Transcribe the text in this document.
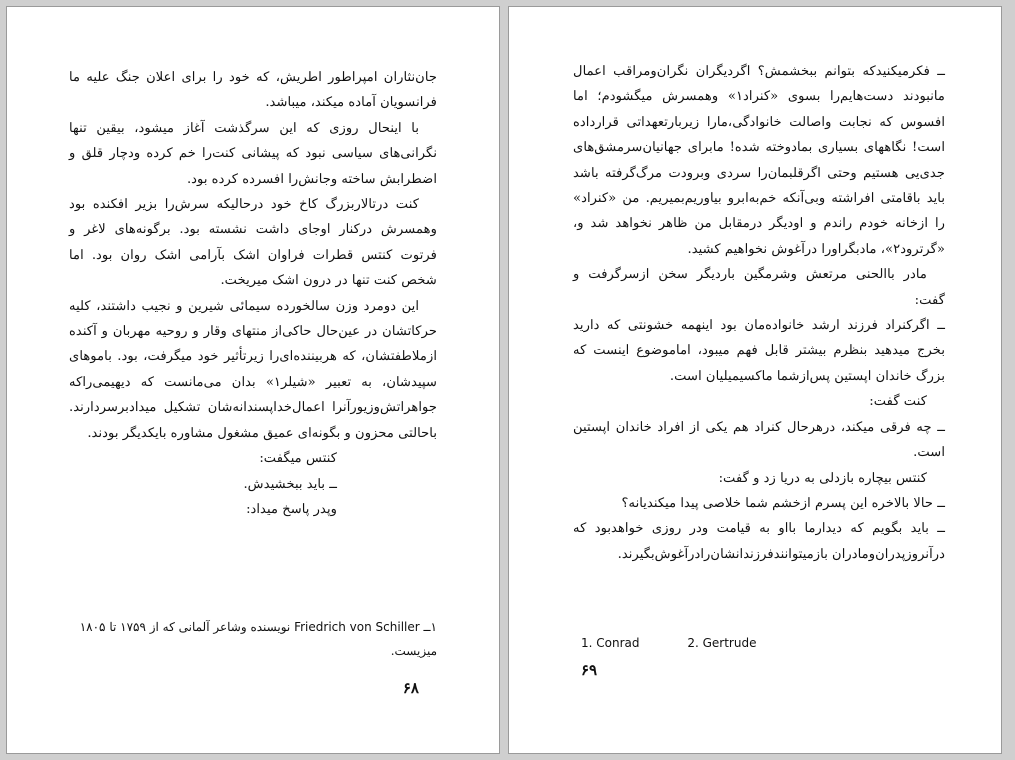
جان‌نثاران امپراطور اطریش، که خود را برای اعلان جنگ علیه ما فرانسویان آماده میکند، میباشد.

با اینحال روزی که این سرگذشت آغاز میشود، بیقین تنها نگرانی‌های سیاسی نبود که پیشانی کنت‌را خم کرده ودچار قلق و اضطرابش ساخته وجانش‌را افسرده کرده بود.

کنت درتالاربزرگ کاخ خود درحالیکه سرش‌را بزیر افکنده بود وهمسرش درکنار اوجای داشت نشسته بود. برگونه‌های لاغر و فرتوت کنتس قطرات فراوان اشک بآرامی اشک روان بود. اما شخص کنت تنها در درون اشک میریخت.

این دومرد وزن سالخورده سیمائی شیرین و نجیب داشتند، کلیه حرکاتشان در عین‌حال حاکی‌از منتهای وقار و روحیه مهربان و آکنده ازملاطفتشان، که هربیننده‌ای‌را زیرتأثیر خود میگرفت، بود. باموهای سپیدشان، به تعبیر «شیلر۱» بدان می‌مانست که دیهیمی‌راکه جواهراتش‌وزیورآنرا اعمال‌خداپسندانه‌شان تشکیل میدادبرسردارند. باحالتی محزون و بگونه‌ای عمیق مشغول مشاوره بایکدیگر بودند.

کنتس میگفت:

ــ باید ببخشیدش.

وپدر پاسخ میداد:

۱ــ Friedrich von Schiller نویسنده وشاعر آلمانی که از ۱۷۵۹ تا ۱۸۰۵ میزیست.
۶۸

ــ فکرمیکنیدکه بتوانم ببخشمش؟ اگردیگران نگران‌ومراقب اعمال مانبودند دست‌هایم‌را بسوی «کنراد۱» وهمسرش میگشودم؛ اما افسوس که نجابت واصالت خانوادگی،مارا زیربارتعهداتی قرارداده است! نگاههای بسیاری بمادوخته شده! مابرای جهانیان‌سرمشق‌های جدی‌یی هستیم وحتی اگرقلبمان‌را سردی وبرودت مرگ‌گرفته باشد باید باقامتی افراشته وبی‌آنکه خم‌به‌ابرو بیاوریم‌بمیریم. من «کنراد» را ازخانه خودم راندم و اودیگر درمقابل من ظاهر نخواهد شد و، «گرترود۲»، مادبگراورا درآغوش نخواهیم کشید.

مادر باالحنی مرتعش وشرمگین باردیگر سخن ازسرگرفت و گفت:

ــ اگرکنراد فرزند ارشد خانواده‌مان بود اینهمه خشونتی که دارید بخرج میدهید بنظرم بیشتر قابل فهم میبود، اماموضوع اینست که بزرگ خاندان اپستین پس‌ازشما ماکسیمیلیان است.

کنت گفت:

ــ چه فرقی میکند، درهرحال کنراد هم یکی از افراد خاندان اپستین است.

کنتس بیچاره بازدلی به دریا زد و گفت:

ــ حالا بالاخره این پسرم ازخشم شما خلاصی پیدا میکندیانه؟

ــ باید بگویم که دیدارما بااو به قیامت ودر روزی خواهدبود که درآنروزپدران‌ومادران بازمیتوانندفرزندانشان‌رادرآغوش‌بگیرند.

1. Conrad	2. Gertrude
۶۹
